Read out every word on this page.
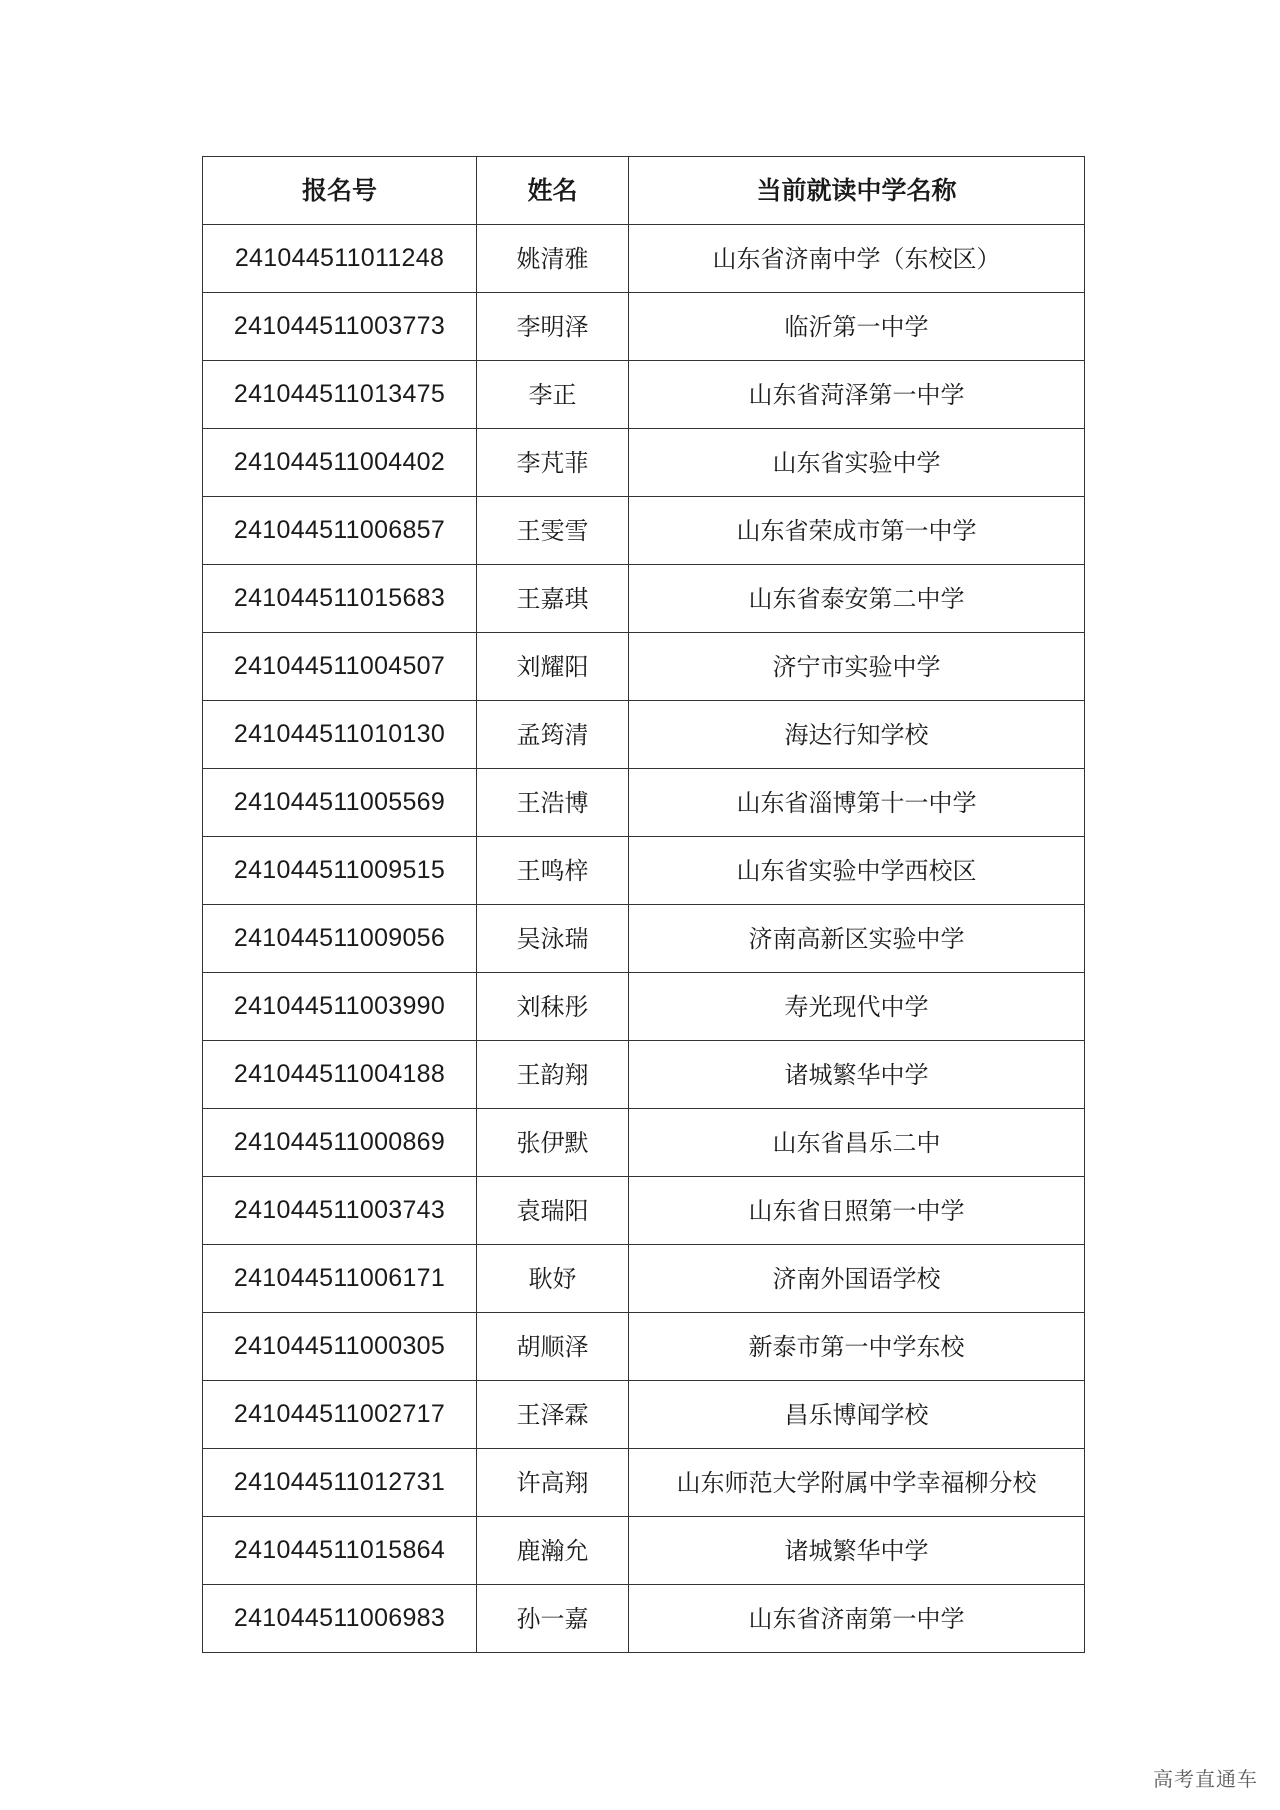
报名号	姓名	当前就读中学名称
241044511011248	姚清雅	山东省济南中学（东校区）
241044511003773	李明泽	临沂第一中学
241044511013475	李正	山东省菏泽第一中学
241044511004402	李芃菲	山东省实验中学
241044511006857	王雯雪	山东省荣成市第一中学
241044511015683	王嘉琪	山东省泰安第二中学
241044511004507	刘耀阳	济宁市实验中学
241044511010130	孟筠清	海达行知学校
241044511005569	王浩博	山东省淄博第十一中学
241044511009515	王鸣梓	山东省实验中学西校区
241044511009056	吴泳瑞	济南高新区实验中学
241044511003990	刘秣彤	寿光现代中学
241044511004188	王韵翔	诸城繁华中学
241044511000869	张伊默	山东省昌乐二中
241044511003743	袁瑞阳	山东省日照第一中学
241044511006171	耿妤	济南外国语学校
241044511000305	胡顺泽	新泰市第一中学东校
241044511002717	王泽霖	昌乐博闻学校
241044511012731	许高翔	山东师范大学附属中学幸福柳分校
241044511015864	鹿瀚允	诸城繁华中学
241044511006983	孙一嘉	山东省济南第一中学
高考直通车
